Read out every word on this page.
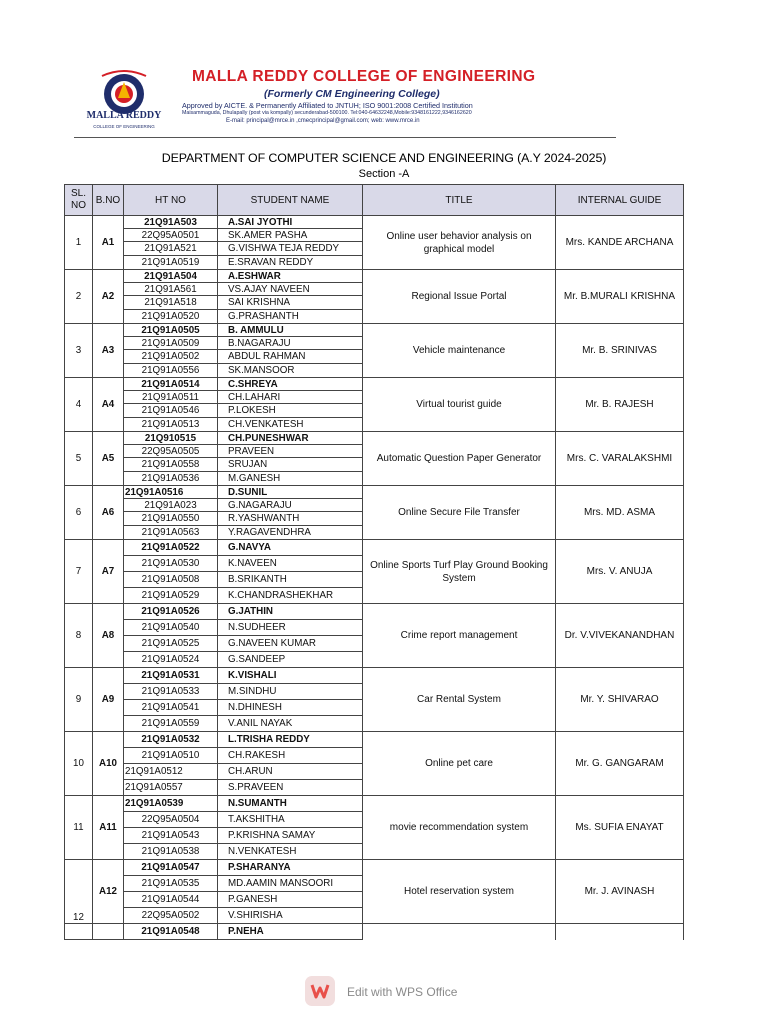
MALLA REDDY
COLLEGE OF ENGINEERING
MALLA REDDY COLLEGE OF ENGINEERING
(Formerly CM Engineering College)
Approved by AICTE. & Permanently Affiliated to JNTUH; ISO 9001:2008 Certified Institution
Maisammaguda, Dhulapally (post via kompally) secunderabad-500100. Tel:040-64632248,Mobile:9348161222,9346162620
E-mail: principal@mrce.in ,cmecprincipal@gmail.com; web: www.mrce.in
DEPARTMENT OF COMPUTER SCIENCE AND ENGINEERING (A.Y 2024-2025)
Section -A
SL. NO	B.NO	HT NO	STUDENT NAME	TITLE	INTERNAL GUIDE
1	A1	21Q91A503	A.SAI JYOTHI	Online user behavior analysis on graphical model	Mrs. KANDE ARCHANA
		22Q95A0501	SK.AMER PASHA		
		21Q91A521	G.VISHWA TEJA REDDY		
		21Q91A0519	E.SRAVAN REDDY		
2	A2	21Q91A504	A.ESHWAR	Regional Issue Portal	Mr. B.MURALI KRISHNA
		21Q91A561	VS.AJAY NAVEEN		
		21Q91A518	SAI KRISHNA		
		21Q91A0520	G.PRASHANTH		
3	A3	21Q91A0505	B. AMMULU	Vehicle maintenance	Mr. B. SRINIVAS
		21Q91A0509	B.NAGARAJU		
		21Q91A0502	ABDUL RAHMAN		
		21Q91A0556	SK.MANSOOR		
4	A4	21Q91A0514	C.SHREYA	Virtual tourist guide	Mr. B. RAJESH
		21Q91A0511	CH.LAHARI		
		21Q91A0546	P.LOKESH		
		21Q91A0513	CH.VENKATESH		
5	A5	21Q910515	CH.PUNESHWAR	Automatic Question Paper Generator	Mrs. C. VARALAKSHMI
		22Q95A0505	PRAVEEN		
		21Q91A0558	SRUJAN		
		21Q91A0536	M.GANESH		
6	A6	21Q91A0516	D.SUNIL	Online Secure File Transfer	Mrs. MD. ASMA
		21Q91A023	G.NAGARAJU		
		21Q91A0550	R.YASHWANTH		
		21Q91A0563	Y.RAGAVENDHRA		
7	A7	21Q91A0522	G.NAVYA	Online Sports Turf Play Ground Booking System	Mrs. V. ANUJA
		21Q91A0530	K.NAVEEN		
		21Q91A0508	B.SRIKANTH		
		21Q91A0529	K.CHANDRASHEKHAR		
8	A8	21Q91A0526	G.JATHIN	Crime report management	Dr. V.VIVEKANANDHAN
		21Q91A0540	N.SUDHEER		
		21Q91A0525	G.NAVEEN KUMAR		
		21Q91A0524	G.SANDEEP		
9	A9	21Q91A0531	K.VISHALI	Car Rental System	Mr. Y. SHIVARAO
		21Q91A0533	M.SINDHU		
		21Q91A0541	N.DHINESH		
		21Q91A0559	V.ANIL NAYAK		
10	A10	21Q91A0532	L.TRISHA REDDY	Online pet care	Mr. G. GANGARAM
		21Q91A0510	CH.RAKESH		
		21Q91A0512	CH.ARUN		
		21Q91A0557	S.PRAVEEN		
11	A11	21Q91A0539	N.SUMANTH	movie recommendation system	Ms. SUFIA ENAYAT
		22Q95A0504	T.AKSHITHA		
		21Q91A0543	P.KRISHNA SAMAY		
		21Q91A0538	N.VENKATESH		
12	A12	21Q91A0547	P.SHARANYA	Hotel reservation system	Mr. J. AVINASH
		21Q91A0535	MD.AAMIN MANSOORI		
		21Q91A0544	P.GANESH		
		22Q95A0502	V.SHIRISHA		
		21Q91A0548	P.NEHA		
Edit with WPS Office
